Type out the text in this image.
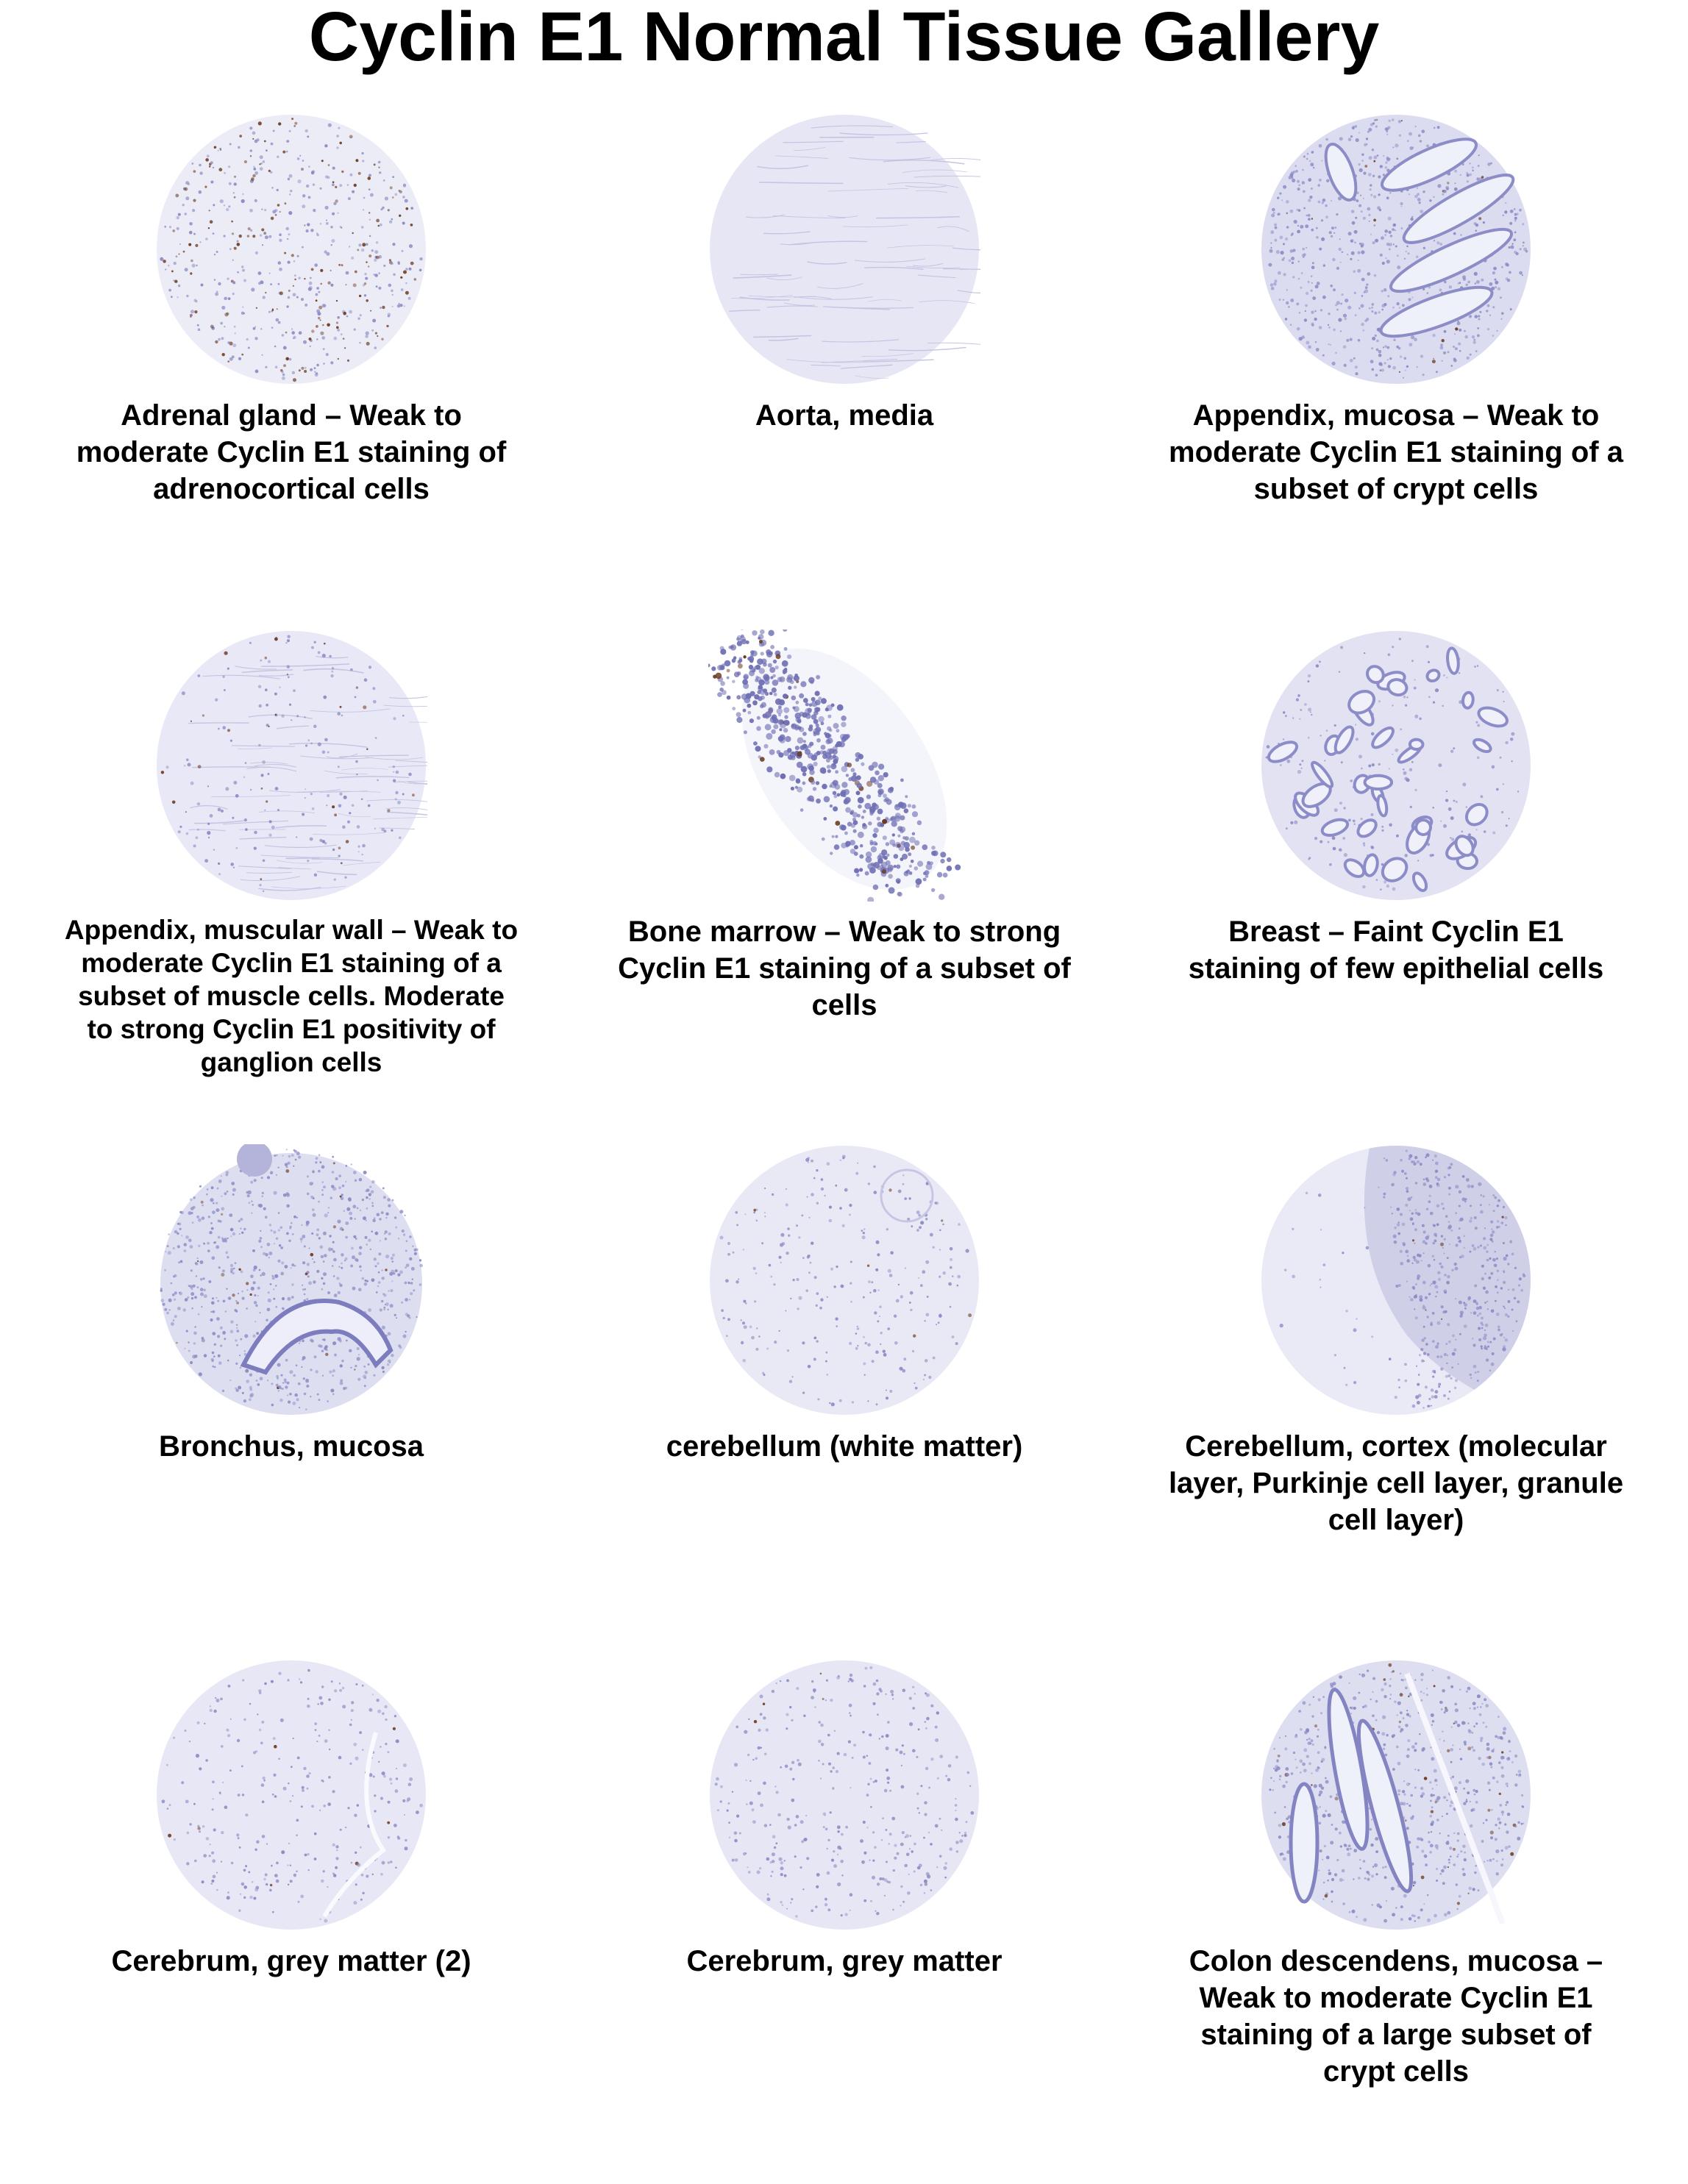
Cyclin E1 Normal Tissue Gallery
Adrenal gland – Weak to moderate Cyclin E1 staining of adrenocortical cells
Aorta, media	Appendix, mucosa – Weak to moderate Cyclin E1 staining of a subset of crypt cells
Appendix, muscular wall – Weak to moderate Cyclin E1 staining of a subset of muscle cells. Moderate to strong Cyclin E1 positivity of ganglion cells
Bone marrow – Weak to strong Cyclin E1 staining of a subset of cells
Breast – Faint Cyclin E1 staining of few epithelial cells
Bronchus, mucosa	cerebellum (white matter)	Cerebellum, cortex (molecular layer, Purkinje cell layer, granule cell layer)
Cerebrum, grey matter (2)	Cerebrum, grey matter	Colon descendens, mucosa – Weak to moderate Cyclin E1 staining of a large subset of crypt cells
